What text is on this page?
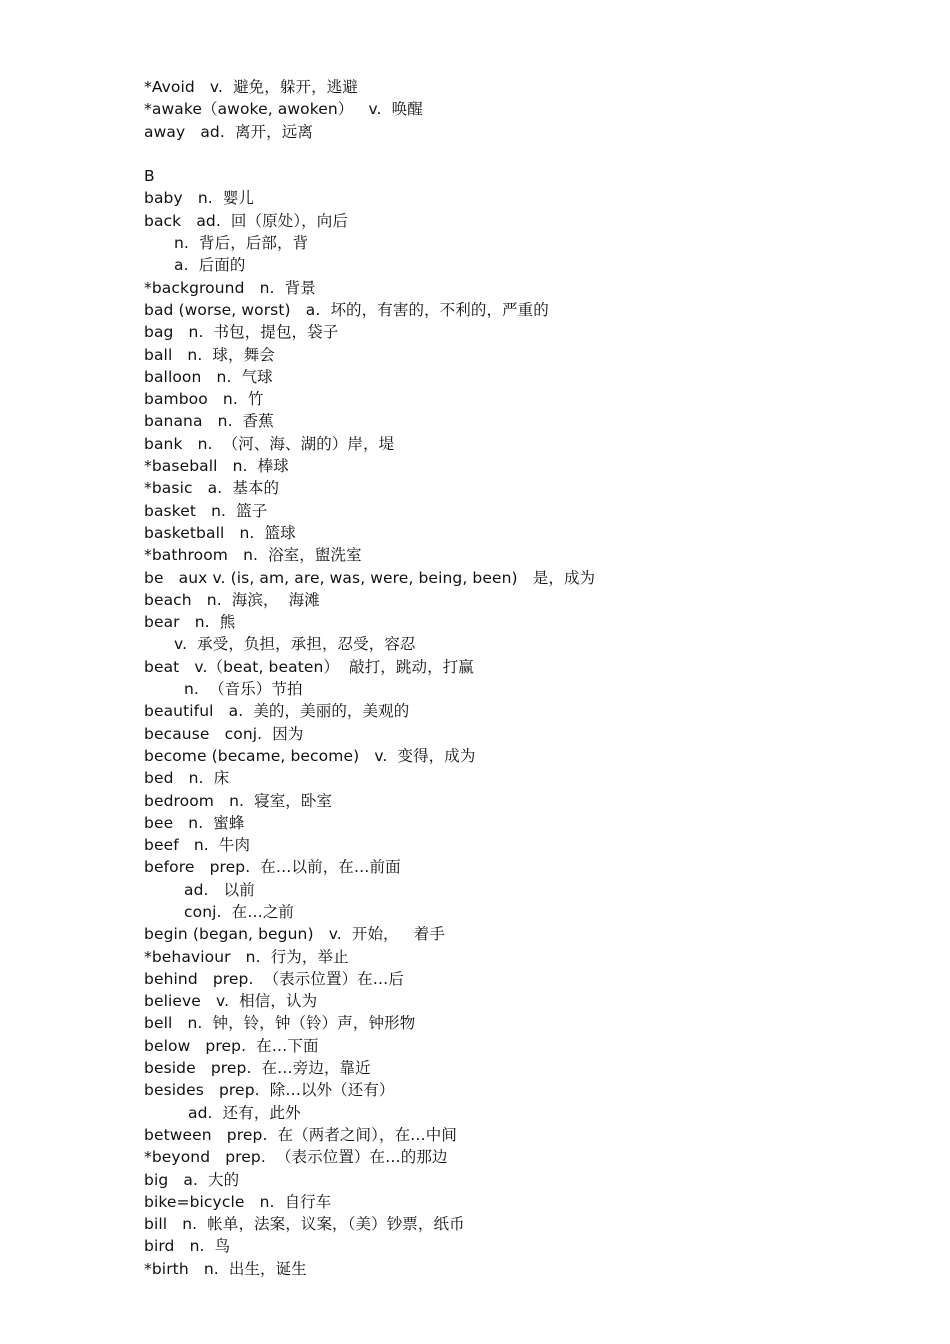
*Avoid   v.  避免，躲开，逃避
*awake（awoke, awoken）   v.  唤醒
away   ad.  离开，远离
B
baby   n.  婴儿
back   ad.  回（原处），向后
n.  背后，后部，背
a.  后面的
*background   n.  背景
bad (worse, worst)   a.  坏的，有害的，不利的，严重的
bag   n.  书包，提包，袋子
ball   n.  球，舞会
balloon   n.  气球
bamboo   n.  竹
banana   n.  香蕉
bank   n.  （河、海、湖的）岸，堤
*baseball   n.  棒球
*basic   a.  基本的
basket   n.  篮子
basketball   n.  篮球
*bathroom   n.  浴室，盥洗室
be   aux v. (is, am, are, was, were, being, been)   是，成为
beach   n.  海滨，  海滩
bear   n.  熊
v.  承受，负担，承担，忍受，容忍
beat   v.（beat, beaten）  敲打，跳动，打赢
n.  （音乐）节拍
beautiful   a.  美的，美丽的，美观的
because   conj.  因为
become (became, become)   v.  变得，成为
bed   n.  床
bedroom   n.  寝室，卧室
bee   n.  蜜蜂
beef   n.  牛肉
before   prep.  在…以前，在…前面
ad.   以前
conj.  在…之前
begin (began, begun)   v.  开始，   着手
*behaviour   n.  行为，举止
behind   prep.  （表示位置）在…后
believe   v.  相信，认为
bell   n.  钟，铃，钟（铃）声，钟形物
below   prep.  在…下面
beside   prep.  在…旁边，靠近
besides   prep.  除…以外（还有）
ad.  还有，此外
between   prep.  在（两者之间），在…中间
*beyond   prep.  （表示位置）在…的那边
big   a.  大的
bike=bicycle   n.  自行车
bill   n.  帐单，法案，议案，（美）钞票，纸币
bird   n.  鸟
*birth   n.  出生，诞生
